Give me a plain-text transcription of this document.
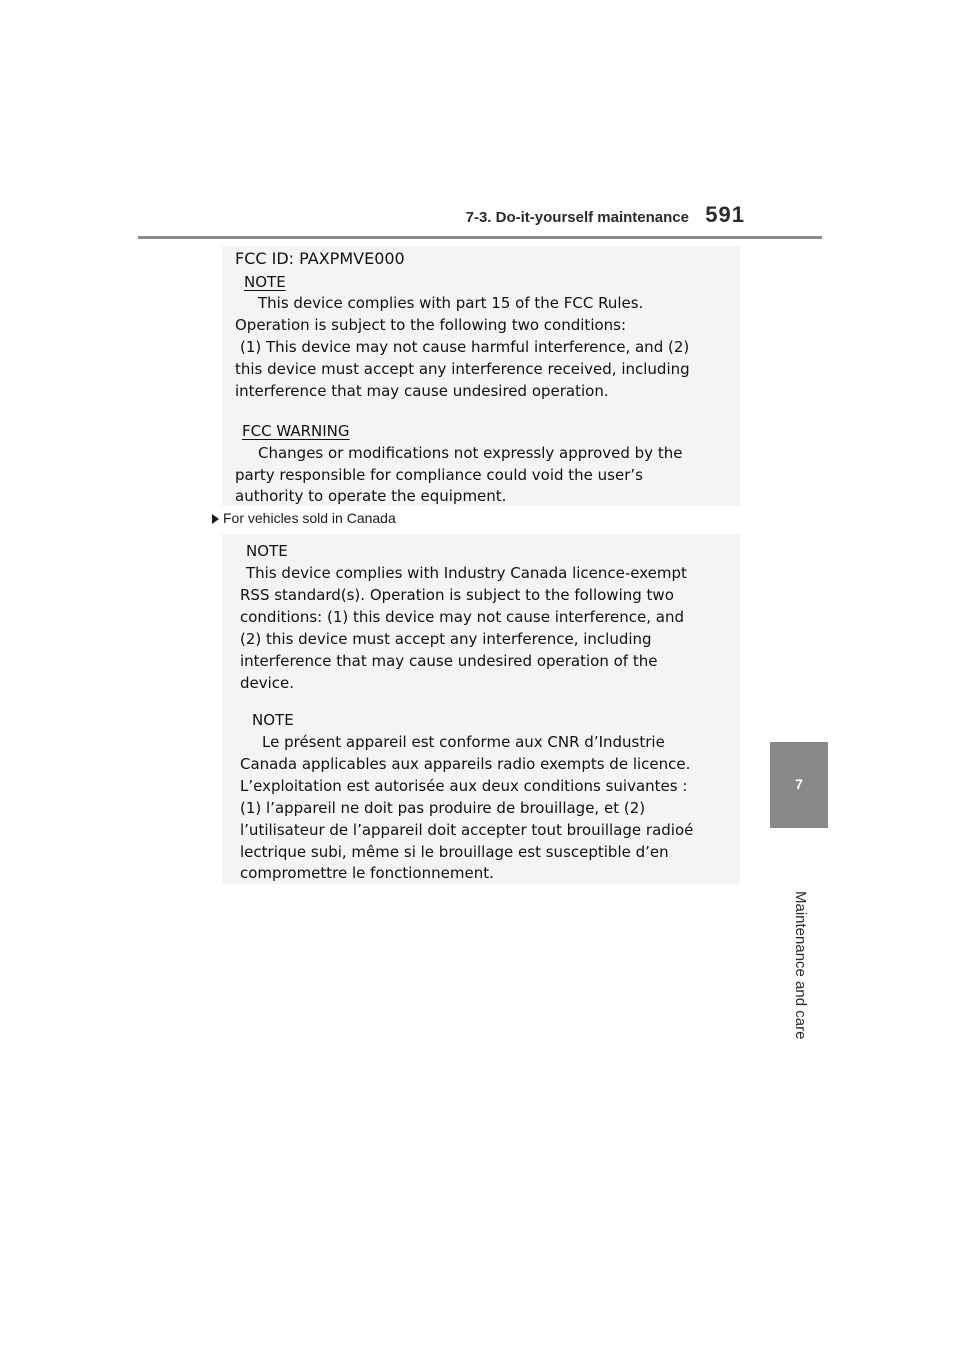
7-3. Do-it-yourself maintenance 591
7
Maintenance and care
FCC ID: PAXPMVE000
NOTE
This device complies with part 15 of the FCC Rules.
Operation is subject to the following two conditions:
(1) This device may not cause harmful interference, and (2)
this device must accept any interference received, including
interference that may cause undesired operation.
FCC WARNING
Changes or modifications not expressly approved by the
party responsible for compliance could void the user’s
authority to operate the equipment.
For vehicles sold in Canada
NOTE
This device complies with Industry Canada licence-exempt
RSS standard(s). Operation is subject to the following two
conditions: (1) this device may not cause interference, and
(2) this device must accept any interference, including
interference that may cause undesired operation of the
device.
NOTE
Le présent appareil est conforme aux CNR d’Industrie
Canada applicables aux appareils radio exempts de licence.
L’exploitation est autorisée aux deux conditions suivantes :
(1) l’appareil ne doit pas produire de brouillage, et (2)
l’utilisateur de l’appareil doit accepter tout brouillage radioé
lectrique subi, même si le brouillage est susceptible d’en
compromettre le fonctionnement.
